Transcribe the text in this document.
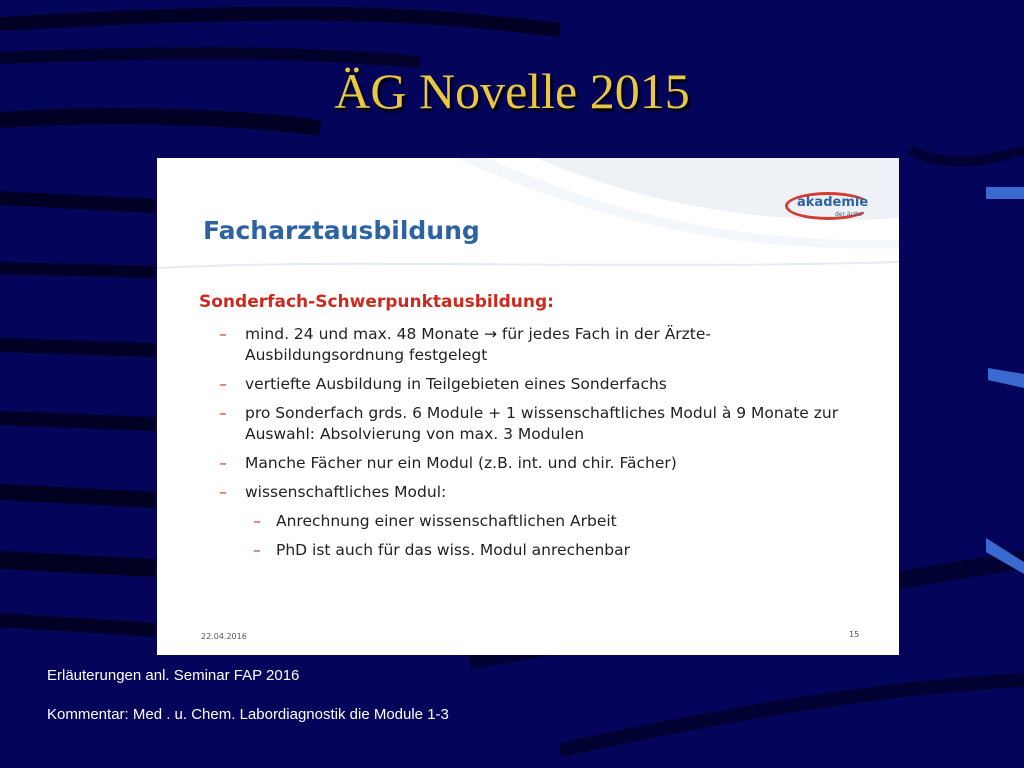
ÄG Novelle 2015
Facharztausbildung
akademie
der ärzte
Sonderfach-Schwerpunktausbildung:
– mind. 24 und max. 48 Monate → für jedes Fach in der Ärzte-Ausbildungsordnung festgelegt
– vertiefte Ausbildung in Teilgebieten eines Sonderfachs
– pro Sonderfach grds. 6 Module + 1 wissenschaftliches Modul à 9 Monate zur Auswahl: Absolvierung von max. 3 Modulen
– Manche Fächer nur ein Modul (z.B. int. und chir. Fächer)
– wissenschaftliches Modul:
– Anrechnung einer wissenschaftlichen Arbeit
– PhD ist auch für das wiss. Modul anrechenbar
22.04.2016	15

Erläuterungen anl. Seminar FAP 2016

Kommentar: Med . u. Chem. Labordiagnostik die Module 1-3
